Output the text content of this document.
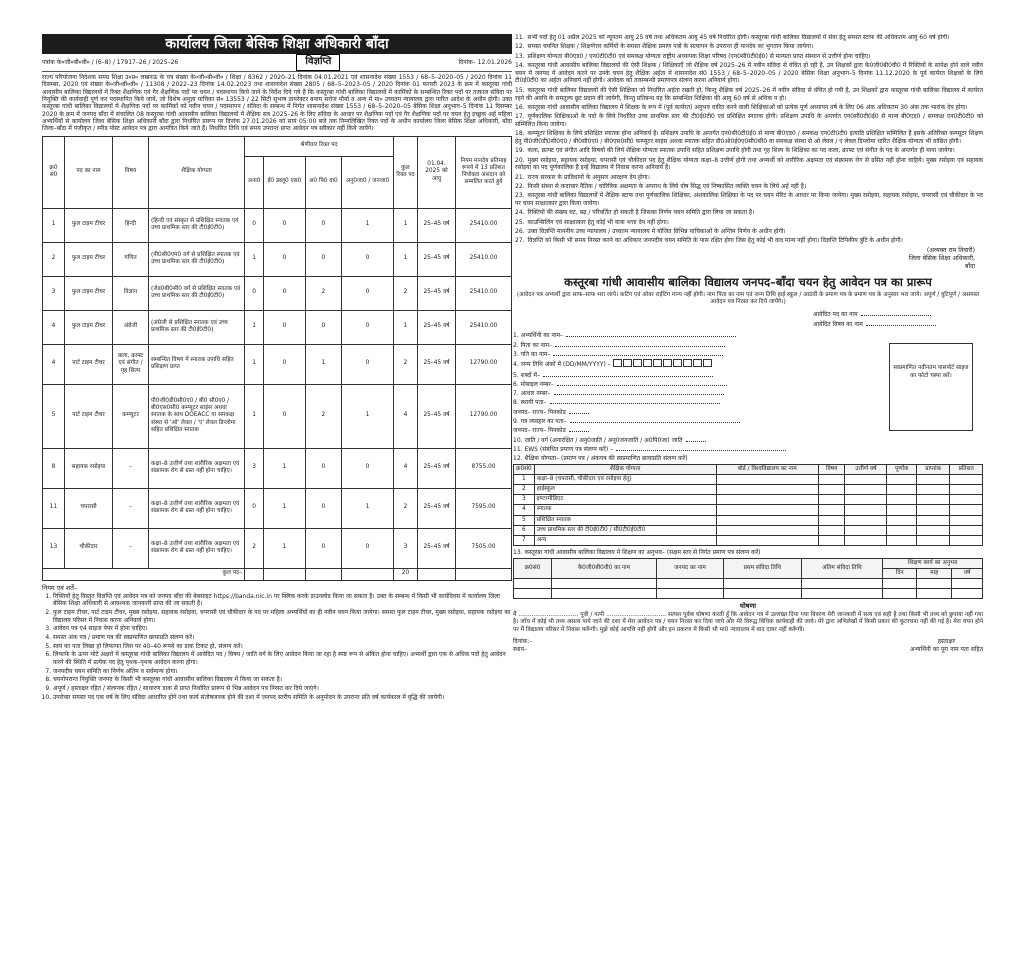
कार्यालय जिला बेसिक शिक्षा अधिकारी बाँदा
पत्रांक के०जी०बी०वी० / (6–8) / 17917–26 / 2025–26	विज्ञप्ति	दिनांक– 12.01.2026
राज्य परियोजना निदेशक समग्र शिक्षा उ०प्र० लखनऊ के पत्र संख्या के०जी०बी०वी० / शिक्षा / 8362 / 2020–21 दिनांक 04.01.2021 एवं शासनादेश संख्या 1553 / 68–5–2020–05 / 2020 दिनांक 11 दिसम्बर, 2020 एवं संख्या के०जी०बी०वी० / 11308 / 2022–23 दिनांक 14.02.2023 तथा शासनादेश संख्या 2805 / 68–5–2023–05 / 2020 दिनांक 01 फरवरी 2023 के क्रम में कस्तूरबा गांधी आवासीय बालिका विद्यालयों में रिक्त शैक्षणिक एवं गैर शैक्षणिक पदों पर चयन / पदस्थापन किये जाने के निर्देश दिये गये हैं कि कस्तूरबा गांधी बालिका विद्यालयों में कार्मिकों के सम्बन्धित रिक्त पदों पर तत्काल संविदा पर नियुक्ति की कार्यवाही पूर्ण कर पदस्थापित किये जायें, जो विशेष अनुज्ञा याचिका सं० 13553 / 22 सिटी सुभाष डायरेक्टर बनाम सरोज मौर्या व अन्य में मा० उच्चतम न्यायालय द्वारा पारित आदेश के अधीन होगी। उक्त कस्तूरबा गांधी बालिका विद्यालयों में शैक्षणिक पदों पर कार्मिकों को नवीन चयन / पदस्थापन / संविदा के सम्बन्ध में निर्गत शासनादेश संख्या 1553 / 68–5–2020–05 बेसिक शिक्षा अनुभाग–5 दिनांक 11 दिसम्बर 2020 के क्रम में जनपद बाँदा में संचालित 08 कस्तूरबा गांधी आवासीय बालिका विद्यालयों में शैक्षिक सत्र 2025–26 के लिए संविदा के आधार पर शैक्षणिक पदों एवं गैर शैक्षणिक पदों पर चयन हेतु इच्छुक अर्ह महिला अभ्यर्थियों से कार्यालय जिला बेसिक शिक्षा अधिकारी बाँदा द्वारा निर्धारित प्रारूप पर दिनांक 27.01.2026 को सायं 05:00 बजे तक निम्नलिखित रिक्त पदों के अधीन कार्यालय जिला बेसिक शिक्षा अधिकारी, बाँदा जिला–बाँदा में पंजीकृत / स्पीड पोस्ट आवेदन पत्र द्वारा आमंत्रित किये जाते हैं। निर्धारित तिथि एवं समय उपरान्त प्राप्त आवेदन पत्र स्वीकार नहीं किये जायेंगे।
क्र0 सं0	पद का नाम	विषय	शैक्षिक योग्यता	श्रेणीवार रिक्त पद				कुल रिक्त पद	01.04. 2025 को आयु	नियम मानदेय प्रतिमाह रूपये में 13 प्रतिशत नियोक्ता अंशदान को सम्मलित करते हुये
				अना0	ई0 डब्लू0 एस0	अ0 पि0 वा0	अनु0जा0 / जनजा0			
1	फुल टाइम टीचर	हिन्दी	(हिन्दी एवं संस्कृत से प्रशिक्षित स्नातक एवं उच्च प्राथमिक स्तर की टी0ई0टी0)	0	0	0	1	1	25–45 वर्ष	25410.00
2	फुल टाइम टीचर	गणित	(पी0सी0एम0 वर्ग से प्रशिक्षित स्नातक एवं उच्च प्राथमिक स्तर की टी0ई0टी0)	1	0	0	0	1	25–45 वर्ष	25410.00
3	फुल टाइम टीचर	विज्ञान	(जेड0बी0सी0 वर्ग से प्रशिक्षित स्नातक एवं उच्च प्राथमिक स्तर की टी0ई0टी0)	0	0	2	0	2	25–45 वर्ष	25410.00
4	फुल टाइम टीचर	अंग्रेजी	(अंग्रेजी से प्रशिक्षित स्नातक एवं उच्च प्राथमिक स्तर की टी0ई0टी0)	1	0	0	0	1	25–45 वर्ष	25410.00
4	पार्ट टाइम टीचर	कला, क्राफ्ट एवं संगीत / गृह शिल्प	सम्बन्धित विषय में स्नातक उपाधि सहित प्रशिक्षण प्राप्त	1	0	1	0	2	25–45 वर्ष	12790.00
5	पार्ट टाइम टीचर	कम्प्यूटर	पी0जी0डी0सी0ए0 / बी0 सी0ए0 / बी0एस0सी0 कम्प्यूटर साइंस अथवा स्नातक के साथ DOEACC या समकक्ष संस्था से 'ओ' लेवल / 'ए' लेवल डिप्लोमा सहित प्रशिक्षित स्नातक	1	0	2	1	4	25–45 वर्ष	12790.00
8	सहायक रसोइया	–	कक्षा–8 उत्तीर्ण तथा शारीरिक अक्षमता एवं संक्रामक रोग से ग्रस्त नहीं होना चाहिए।	3	1	0	0	4	25–45 वर्ष	8755.00
11	चपरासी	–	कक्षा–8 उत्तीर्ण तथा शारीरिक अक्षमता एवं संक्रामक रोग से ग्रस्त नहीं होना चाहिए।	0	1	0	1	2	25–45 वर्ष	7595.00
13	चौकीदार	–	कक्षा–8 उत्तीर्ण तथा शारीरिक अक्षमता एवं संक्रामक रोग से ग्रस्त नहीं होना चाहिए।	2	1	0	0	3	25–45 वर्ष	7505.00
कुल पद–								20		
नियम एवं शर्तें–
1. रिक्तियों हेतु विस्तृत विज्ञप्ति एवं आवेदन पत्र को जनपद बाँदा की बेबसाइट https://banda.nic.in पर क्लिक करके डाउनलोड किया जा सकता है। उक्त के सम्बन्ध में किसी भी कार्यदिवस में कार्यालय जिला बेसिक शिक्षा अधिकारी से आवश्यक जानकारी प्राप्त की जा सकती है।
2. फुल टाइम टीचर, पार्ट टाइम टीचर, मुख्य रसोइया, सहायक रसोइया, चपरासी एवं चौकीदार के पद पर महिला अभ्यर्थियों का ही नवीन चयन किया जायेगा। समस्त फुल टाइम टीचर, मुख्य रसोइया, सहायक रसोइया का विद्यालय परिसर में निवास करना अनिवार्य होगा।
3. आवेदन पत्र ए4 साइज पेपर में होना चाहिए।
4. समस्त अंक पत्र / प्रमाण पत्र की स्वप्रमाणित छायाप्रति संलग्न करें।
5. स्वयं का पता लिखा हो लिफाफा जिस पर 40–40 रूपये का डाक टिकट हो, संलग्न करें।
6. लिफाफे के ऊपर मोटे अक्षरों में कस्तूरबा गांधी बालिका विद्यालय में आवेदित पद / विषय / जाति वर्ग के लिए आवेदन किया जा रहा है स्पष्ट रूप से अंकित होना चाहिए। अभ्यर्थी द्वारा एक से अधिक पदों हेतु आवेदन करने की स्थिति में प्रत्येक पद हेतु पृथक–पृथक आवेदन करना होगा।
7. जनपदीय चयन समिति का निर्णय अंतिम व सर्वमान्य होगा।
8. चयनोपरान्त नियुक्ति जनपद के किसी भी कस्तूरबा गांधी आवासीय बालिका विद्यालय में किया जा सकता है।
9. अपूर्ण / हस्ताक्षर रहित / संलग्नक रहित / साधारण डाक से प्राप्त निर्धारित प्रारूप से भिन्न आवेदन पत्र निरस्त कर दिये जाएंगे।
10. उपरोक्त समस्त पद एक वर्ष के लिए संविदा आधारित होंगे तथा कार्य संतोषजनक होने की दशा में जनपद स्तरीय समिति के अनुमोदन के उपरान्त प्रति वर्ष कार्यकाल में वृद्धि की जायेगी।
11. सभी पदों हेतु 01 अप्रैल 2025 को न्यूनतम आयु 25 वर्ष तथा अधिकतम आयु 45 वर्ष निर्धारित होगी। कस्तूरबा गांधी बालिका विद्यालयों में सेवा हेतु समस्त स्टाफ की अधिकतम आयु 60 वर्ष होगी।
12. समस्त चयनित शिक्षक / शिक्षणेत्तर कर्मियों के समस्त शैक्षिक प्रमाण पत्रों के सत्यापन के उपरान्त ही मानदेय का भुगतान किया जायेगा।
13. प्रशिक्षण योग्यता बी0एड0 / एन0टी0टी0 एवं समकक्ष योग्यता राष्ट्रीय अध्यापक शिक्षा परिषद (एन0सी0टी0ई0) से मान्यता प्राप्त संस्थान से उत्तीर्ण होना चाहिए।
14. कस्तूरबा गांधी आवासीय बालिका विद्यालयों की ऐसी शिक्षक / शिक्षिकाएँ जो शैक्षिक वर्ष 2025–26 में नवीन संविदा से वंचित हो रही है, उन शिक्षकों द्वारा के0जी0बी0वी0 में रिक्तियों के सापेक्ष होने वाले नवीन चयन में जनपद में आवेदन करने पर उनके चयन हेतु शैक्षिक अर्हता में शासनादेश सं0 1553 / 68–5–2020–05 / 2020 बेसिक शिक्षा अनुभाग–5 दिनांक 11.12.2020 के पूर्व कार्यरत शिक्षकों के लिये टी0ई0टी0 का अर्हता अनिवार्य नहीं होगी। आवेदक को तत्सम्बन्धी प्रमाणपत्र संलग्न करना अनिवार्य होगा।
15. कस्तूरबा गांधी बालिका विद्यालयों की ऐसी शिक्षिका जो निर्धारित अर्हता रखती हो, किन्तु शैक्षिक वर्ष 2025–26 में नवीन संविदा से वंचित हो गयी है, उन शिक्षकों द्वारा कस्तूरबा गांधी बालिका विद्यालय में कार्यरत रहने की अवधि के समतुल्य छूट प्रदान की जायेगी, किन्तु प्रतिबन्ध यह कि सम्बन्धित शिक्षिका की आयु 60 वर्ष से अधिक न हो।
16. कस्तूरबा गांधी आवासीय बालिका विद्यालय में शिक्षक के रूप में (पूर्व कार्यरत) अनुभव धारित करने वाली शिक्षिकाओं को प्रत्येक पूर्ण अध्यापन वर्ष के लिए 06 अंक अधिकतम 30 अंक तक भारांक देय होगा।
17. पूर्णकालिक शिक्षिकाओं के पदों के लिये निर्धारित उच्च प्राथमिक स्तर की टी0ई0टी0 एवं प्रशिक्षित स्नातक होगी। प्रशिक्षण उपाधि के अन्तर्गत एन0सी0टी0ई0 से मान्य बी0एड0 / समकक्ष एन0टी0टी0 को सम्मिलित किया जायेगा।
18. कम्प्यूटर शिक्षिका के लिये प्रशिक्षित स्नातक होना अनिवार्य है। प्रशिक्षण उपाधि के अन्तर्गत एन0सी0टी0ई0 से मान्य बी0एड0 / समकक्ष एन0टी0टी0 इत्यादि प्रशिक्षित सम्मिलित है इसके अतिरिक्त कम्प्यूटर शिक्षण हेतु पी0जी0डी0सी0ए0 / बी0सी0ए0 / बी0एस0सी0 कम्प्यूटर साइंस अथवा स्नातक सहित डी0ओ0ई0ए0सी0सी0 या समकक्ष संस्था से ओ लेवल / ए लेवल डिप्लोमा धारित शैक्षिक योग्यता भी वांछित होगी।
19. कला, क्राफ्ट एवं संगीत आदि विषयों की लिये शैक्षिक योग्यता स्नातक उपाधि सहित प्रशिक्षण उपाधि होगी तथा गृह शिल्प के शिक्षिका का पद कला, क्राफ्ट एवं संगीत के पद के अन्तर्गत ही माना जायेगा।
20. मुख्य रसोइया, सहायक रसोइया, चपरासी एवं चौकीदार पद हेतु शैक्षिक योग्यता कक्षा–8 उत्तीर्ण होगी तथा अभ्यर्थी को शारीरिक अक्षमता एवं संक्रामक रोग से ग्रसित नहीं होना चाहिये। मुख्य रसोइया एवं सहायक रसोइया का पद पूर्णकालिक है इन्हें विद्यालय में निवास करना अनिवार्य है।
21. राज्य सरकार के प्राविधानों के अनुसार आरक्षण देय होगा।
22. किसी संस्था से कदाचार नैतिक / चारित्रिक अक्षमता के अपराध के लिये दोष सिद्ध एवं निष्कासित व्यक्ति चयन के लिये अर्ह नहीं है।
23. कस्तूरबा गांधी बालिका विद्यालयों में शैक्षिक स्टाफ तथा पूर्णकालिक शिक्षिका, अंशकालिक शिक्षिका के पद पर चयन मेरिट के आधार पर किया जायेगा। मुख्य रसोइया, सहायक रसोइया, चपरासी एवं चौकीदार के पद पर चयन साक्षात्कार द्वारा किया जायेगा।
24. रिक्तियों की संख्या घट, बढ़ / परिवर्तित हो सकती है जिसका निर्णय चयन समिति द्वारा लिया जा सकता है।
25. काउन्सिलिंग एवं साक्षात्कार हेतु कोई भी यात्रा भत्ता देय नहीं होगा।
26. उक्त विज्ञप्ति माननीय उच्च न्यायालय / उच्चतम न्यायालय में योजित विभिन्न याचिकाओं के अन्तिम निर्णय के अधीन होगी।
27. विज्ञप्ति को किसी भी समय निरस्त करने का अधिकार जनपदीय चयन समिति के पास रक्षित होगा जिस हेतु कोई भी वाद मान्य नहीं होगा। विज्ञप्ति टिपिकीय त्रुटि के अधीन होगी।
(अव्यक्त राम तिवारी)
जिला बेसिक शिक्षा अधिकारी,
बाँदा
कस्तूरबा गांधी आवासीय बालिका विद्यालय जनपद–बाँदा चयन हेतु आवेदन पत्र का प्रारूप
(आवेदन पत्र अभ्यर्थी द्वारा साफ–साफ भरा जाये। कटिंग एवं ओवर राईटिंग मान्य नहीं होगी। नाम पिता का नाम एवं जन्म तिथि हाई स्कूल / आठवीं के प्रमाण पत्र के प्रमाण पत्र के अनुसार भरा जाये। अपूर्ण / त्रुटिपूर्ण / असमस्त आवेदन पत्र निरस्त कर दिये जायेंगे।)
आवेदित पद का नाम
आवेदित विषय का नाम
1. अभ्यर्थिनी का नाम–
2. पिता का नाम–
3. पति का नाम–
4. जन्म तिथि अंकों में (DD/MM/YYYY) –
5. शब्दों में–
6. मोबाइल नम्बर–
7. आधार नम्बर–
8. स्थायी पता–
जनपद– राज्य– पिनकोड
9. पत्र व्यवहार का पता–
जनपद– राज्य– पिनकोड
10. जाति / वर्ग (अनारक्षित / अनु0जाति / अनु0जनजाति / अ0पि0जा) जाति
11. EWS (संबंधित प्रमाण पत्र संलग्न करें) –
12. शैक्षिक योग्यता– (प्रमाण पत्र / अंकपत्र की स्वप्रमाणित छायाप्रति संलग्न करें)
स्वप्रमाणित नवीनतम पासपोर्ट साइज का फोटो चस्पा करें।
क्र0सं0	शैक्षिक योग्यता	बोर्ड / विश्वविद्यालय का नाम	विषय	उत्तीर्ण वर्ष	पूर्णांक	प्राप्तांक	प्रतिशत
1	कक्षा–8 (चपरासी, चौकीदार एवं रसोइया हेतु)						
2	हाईस्कूल						
3	इण्टरमीडिएट						
4	स्नातक						
5	प्रशिक्षित स्नातक						
6	उच्च प्राथमिक स्तर की टी0ई0टी0 / सी0टी0ई0टी0						
7	अन्य						
13. कस्तूरबा गांधी आवासीय बालिका विद्यालय में शिक्षण का अनुभव– (सक्षम स्तर से निर्गत प्रमाण पत्र संलग्न करें)
क्र0सं0	के0जी0बी0वी0 का नाम	जनपद का नाम	प्रथम संविदा तिथि	अंतिम संविदा तिथि	शिक्षण कार्य का अनुभव		
					दिन	माह	वर्ष

घोषणा
मैं ................................ पुत्री / पत्नी ................................ सत्यश पूर्वक घोषणा करती हूँ कि आवेदन पत्र में उल्लख्त दिया गया विवरण मेरी जानकारी में सत्य एवं सही है तथा किसी भी तथ्य को छुपाया नहीं गया है। जाँच में कोई भी तथ्य असत्य पाये जाने की दशा में मेरा आवेदन पत्र / चयन निरस्त कर दिया जाये और मेरे विरुद्ध विधिक कार्यवाही की जाये। मेरे द्वारा अभिलेखों में किसी प्रकार की कूटरचना नहीं की गई है। मेरा चयन होने पर मैं विद्यालय परिसर में निवास करूँगी। मुझे कोई आपत्ति नहीं होगी और इन प्रकरण में किसी भी मा0 न्यायालय में वाद दायर नहीं करूँगी।
दिनांक:–
स्थान–
हस्ताक्षर
अभ्यर्थिनी का पूरा नाम पता सहित
